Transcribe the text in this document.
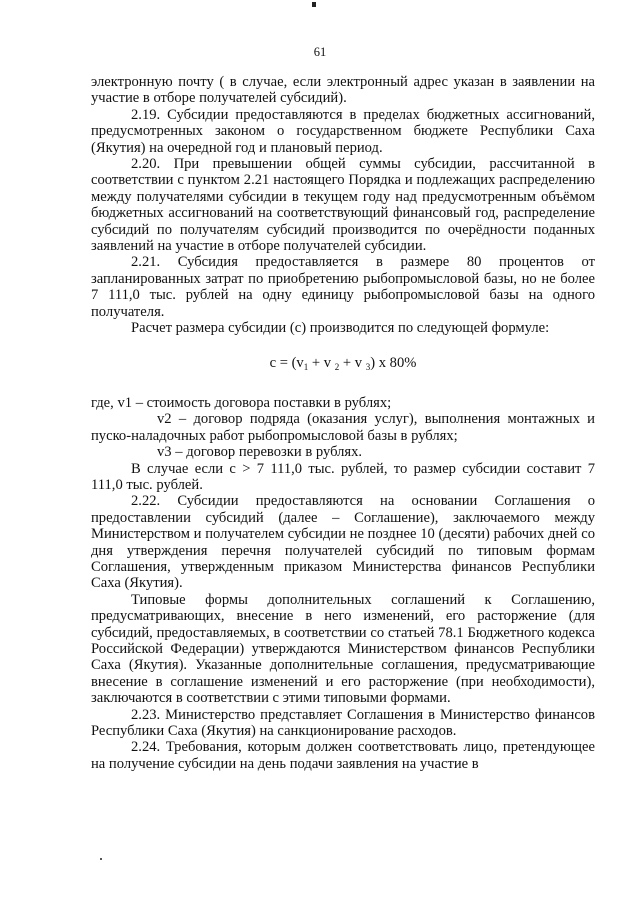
61

электронную почту ( в случае, если электронный адрес указан в заявлении на участие в отборе получателей субсидий).

2.19. Субсидии предоставляются в пределах бюджетных ассигнований, предусмотренных законом о государственном бюджете Республики Саха (Якутия) на очередной год и плановый период.

2.20. При превышении общей суммы субсидии, рассчитанной в соответствии с пунктом 2.21 настоящего Порядка и подлежащих распределению между получателями субсидии в текущем году над предусмотренным объёмом бюджетных ассигнований на соответствующий финансовый год, распределение субсидий по получателям субсидий производится по очерёдности поданных заявлений на участие в отборе получателей субсидии.

2.21. Субсидия предоставляется в размере 80 процентов от запланированных затрат по приобретению рыбопромысловой базы, но не более 7 111,0 тыс. рублей на одну единицу рыбопромысловой базы на одного получателя.

Расчет размера субсидии (с) производится по следующей формуле:

$c = (v_1 + v$ $_2$ + v $_3$) x 80%

где, v1 – стоимость договора поставки в рублях;

v2 – договор подряда (оказания услуг), выполнения монтажных и пуско-наладочных работ рыбопромысловой базы в рублях;

v3 – договор перевозки в рублях.

В случае если c > 7 111,0 тыс. рублей, то размер субсидии составит 7 111,0 тыс. рублей.

2.22. Субсидии предоставляются на основании Соглашения о предоставлении субсидий (далее – Соглашение), заключаемого между Министерством и получателем субсидии не позднее 10 (десяти) рабочих дней со дня утверждения перечня получателей субсидий по типовым формам Соглашения, утвержденным приказом Министерства финансов Республики Саха (Якутия).

Типовые формы дополнительных соглашений к Соглашению, предусматривающих, внесение в него изменений, его расторжение (для субсидий, предоставляемых, в соответствии со статьей 78.1 Бюджетного кодекса Российской Федерации) утверждаются Министерством финансов Республики Саха (Якутия). Указанные дополнительные соглашения, предусматривающие внесение в соглашение изменений и его расторжение (при необходимости), заключаются в соответствии с этими типовыми формами.

2.23. Министерство представляет Соглашения в Министерство финансов Республики Саха (Якутия) на санкционирование расходов.

2.24. Требования, которым должен соответствовать лицо, претендующее на получение субсидии на день подачи заявления на участие в
